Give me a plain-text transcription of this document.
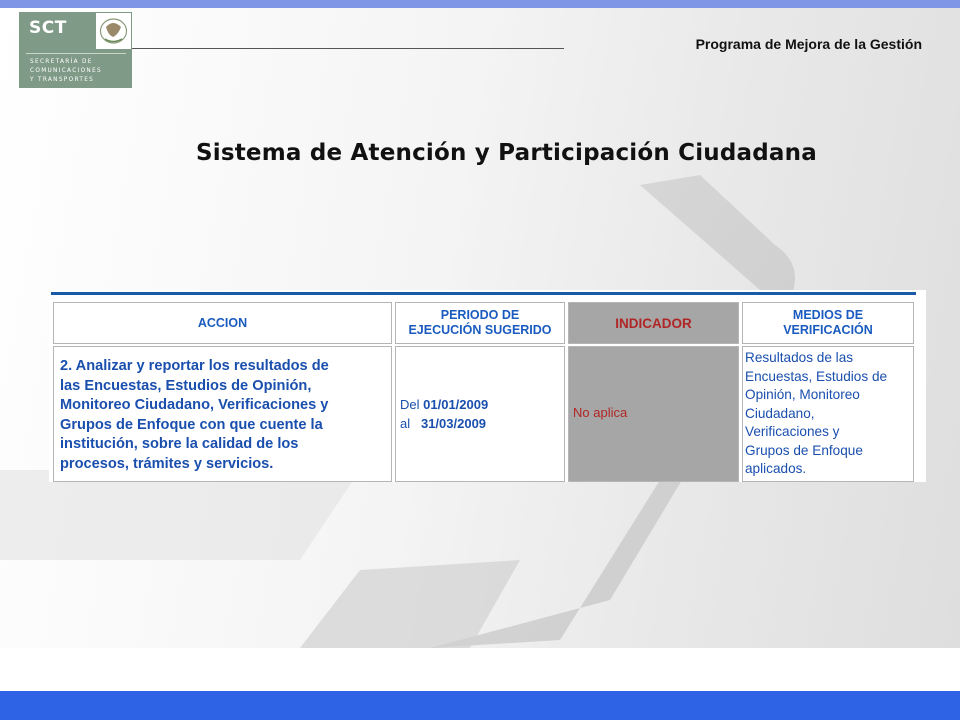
SCT
SECRETARÍA DE
COMUNICACIONES
Y TRANSPORTES
Programa de Mejora de la Gestión
Sistema de Atención y Participación Ciudadana
ACCION
PERIODO DE
EJECUCIÓN SUGERIDO	INDICADOR
MEDIOS DE
VERIFICACIÓN
2. Analizar y reportar los resultados de
las Encuestas, Estudios de Opinión,
Monitoreo Ciudadano, Verificaciones y
Grupos de Enfoque con que cuente la
institución, sobre la calidad de los
procesos, trámites y servicios.
Del 01/01/2009
al 31/03/2009
No aplica
Resultados de las
Encuestas, Estudios de
Opinión, Monitoreo
Ciudadano,
Verificaciones y
Grupos de Enfoque
aplicados.
